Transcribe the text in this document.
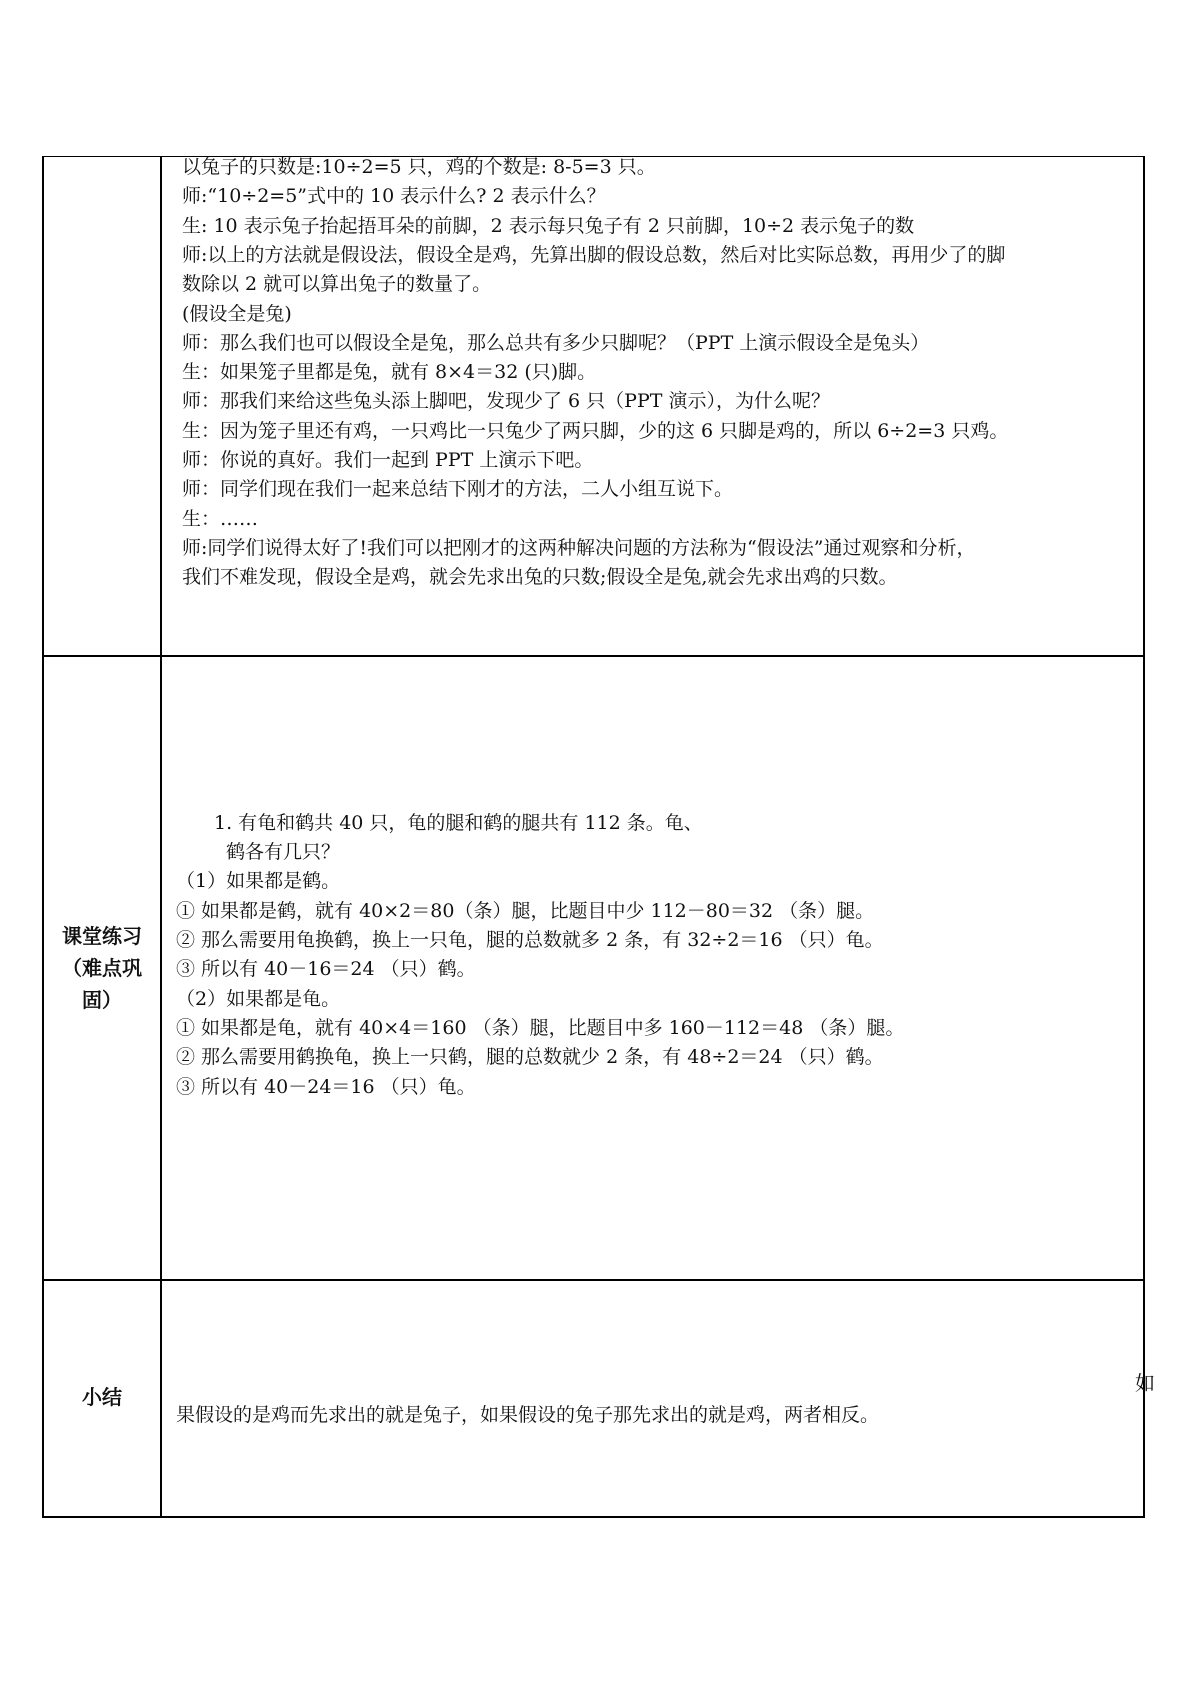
以兔子的只数是:10÷2=5 只，鸡的个数是: 8-5=3 只。
师:“10÷2=5”式中的 10 表示什么? 2 表示什么？
生: 10 表示兔子抬起捂耳朵的前脚，2 表示每只兔子有 2 只前脚，10÷2 表示兔子的数
师:以上的方法就是假设法，假设全是鸡，先算出脚的假设总数，然后对比实际总数，再用少了的脚
数除以 2 就可以算出兔子的数量了。
(假设全是兔)
师：那么我们也可以假设全是兔，那么总共有多少只脚呢？（PPT 上演示假设全是兔头）
生：如果笼子里都是兔，就有 8×4＝32 (只)脚。
师：那我们来给这些兔头添上脚吧，发现少了 6 只（PPT 演示），为什么呢？
生：因为笼子里还有鸡，一只鸡比一只兔少了两只脚，少的这 6 只脚是鸡的，所以 6÷2=3 只鸡。
师：你说的真好。我们一起到 PPT 上演示下吧。
师：同学们现在我们一起来总结下刚才的方法，二人小组互说下。
生：……
师:同学们说得太好了!我们可以把刚才的这两种解决问题的方法称为“假设法”通过观察和分析，
我们不难发现，假设全是鸡，就会先求出兔的只数;假设全是兔,就会先求出鸡的只数。
课堂练习
（难点巩
固）
1. 有龟和鹤共 40 只，龟的腿和鹤的腿共有 112 条。龟、
鹤各有几只？
（1）如果都是鹤。
① 如果都是鹤，就有 40×2＝80（条）腿，比题目中少 112－80＝32 （条）腿。
② 那么需要用龟换鹤，换上一只龟，腿的总数就多 2 条，有 32÷2＝16 （只）龟。
③ 所以有 40－16＝24 （只）鹤。
（2）如果都是龟。
① 如果都是龟，就有 40×4＝160 （条）腿，比题目中多 160－112＝48 （条）腿。
② 那么需要用鹤换龟，换上一只鹤，腿的总数就少 2 条，有 48÷2＝24 （只）鹤。
③ 所以有 40－24＝16 （只）龟。
小结
果假设的是鸡而先求出的就是兔子，如果假设的兔子那先求出的就是鸡，两者相反。
如
